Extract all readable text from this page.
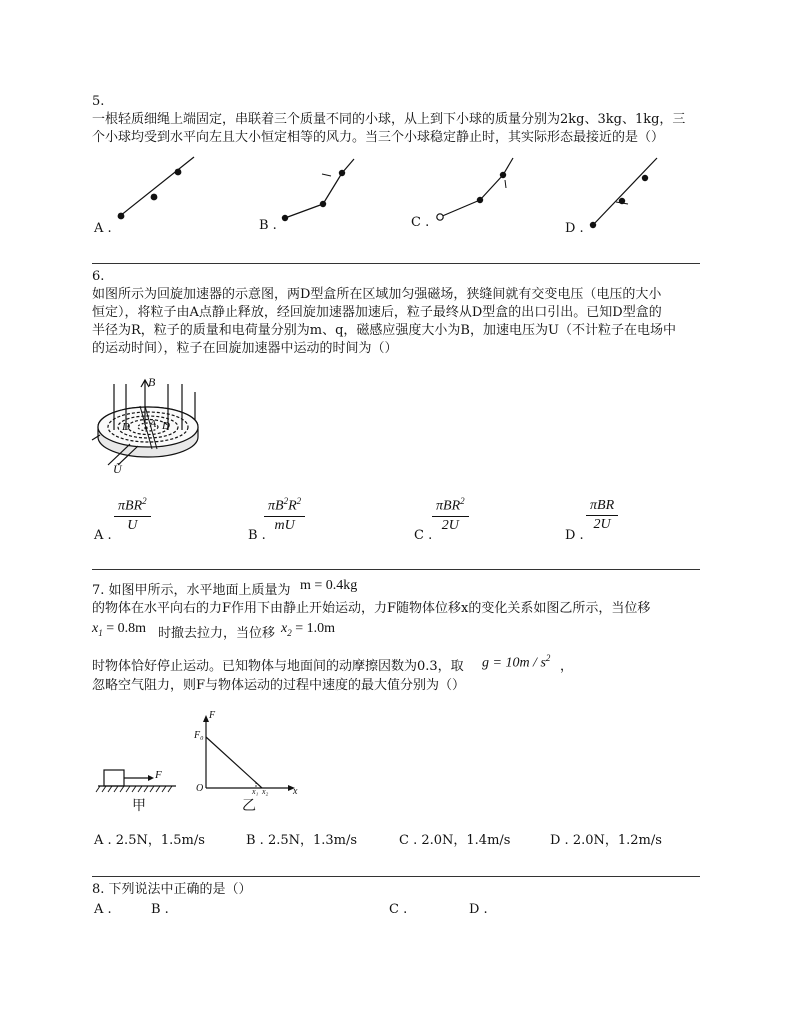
5.
一根轻质细绳上端固定，串联着三个质量不同的小球，从上到下小球的质量分别为2kg、3kg、1kg，三
个小球均受到水平向左且大小恒定相等的风力。当三个小球稳定静止时，其实际形态最接近的是（）
A .	B .	C .	D .
6.
如图所示为回旋加速器的示意图，两D型盒所在区域加匀强磁场，狭缝间就有交变电压（电压的大小
恒定），将粒子由A点静止释放，经回旋加速器加速后，粒子最终从D型盒的出口引出。已知D型盒的
半径为R，粒子的质量和电荷量分别为m、q，磁感应强度大小为B，加速电压为U（不计粒子在电场中
的运动时间），粒子在回旋加速器中运动的时间为（）
B
D A D
Ũ
A .
πBR$^2$
U
B .
$\frac{\pi B^2R^2}{mU}$
C .
πBR$^2$
2U
D .
πBR
2U
7. 如图甲所示，水平地面上质量为 m = 0.4kg
的物体在水平向右的力F作用下由静止开始运动，力F随物体位移x的变化关系如图乙所示，当位移
$x_1 = 0.8m$ 时撤去拉力，当位移 $x_2 = 1.0m$
时物体恰好停止运动。已知物体与地面间的动摩擦因数为0.3，取 $g = 10m / s^2$
，
忽略空气阻力，则F与物体运动的过程中速度的最大值分别为（）
F
甲
F
F₀
O	x
x₁ x₂
乙
A . 2.5N，1.5m/s	B . 2.5N，1.3m/s	C . 2.0N，1.4m/s	D . 2.0N，1.2m/s
8. 下列说法中正确的是（）
A .	B .	C .	D .
